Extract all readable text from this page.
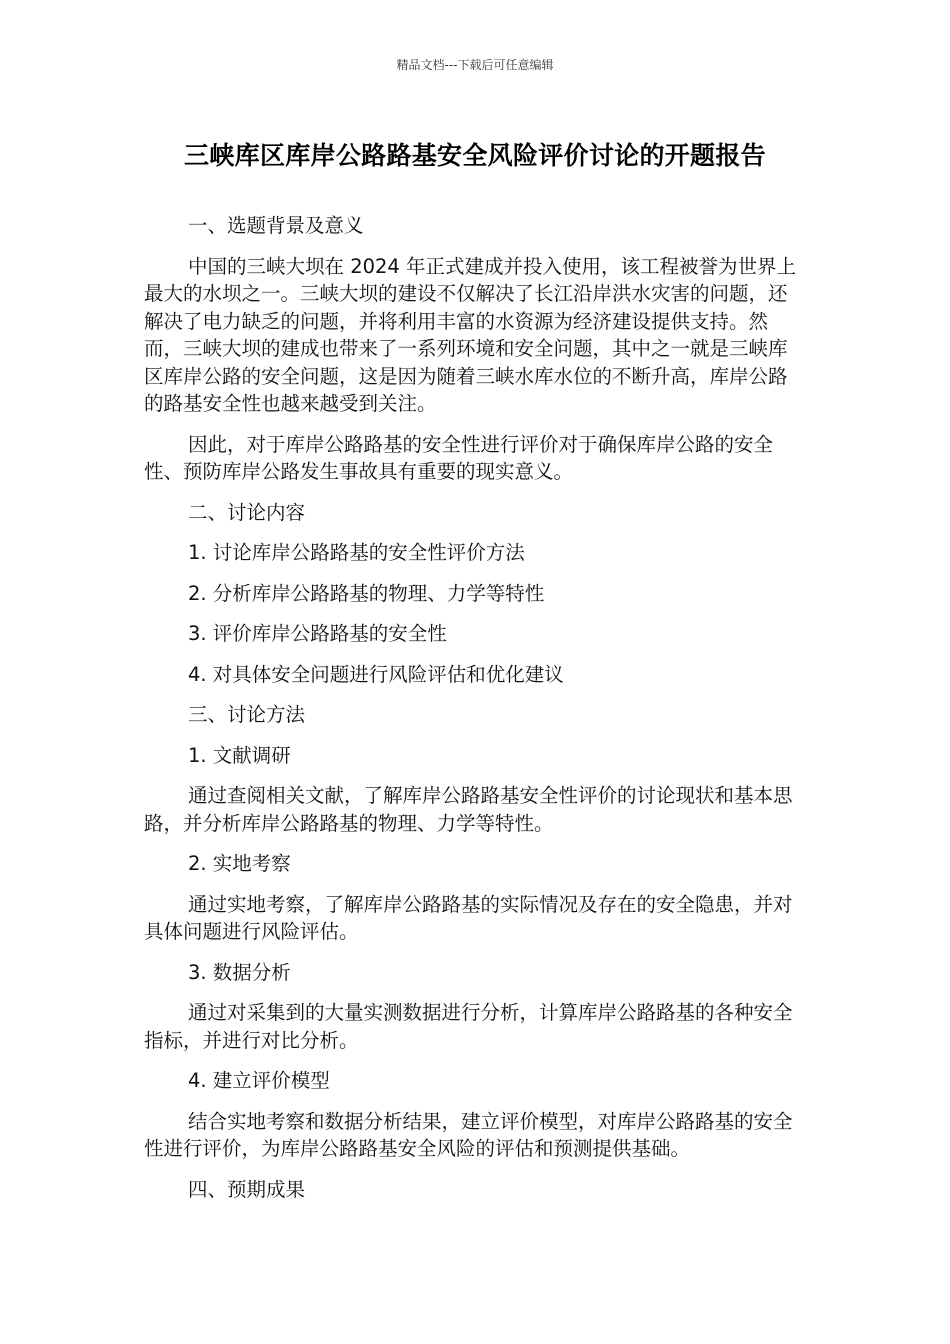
精品文档---下载后可任意编辑
三峡库区库岸公路路基安全风险评价讨论的开题报告

一、选题背景及意义

中国的三峡大坝在 2024 年正式建成并投入使用，该工程被誉为世界上最大的水坝之一。三峡大坝的建设不仅解决了长江沿岸洪水灾害的问题，还解决了电力缺乏的问题，并将利用丰富的水资源为经济建设提供支持。然而，三峡大坝的建成也带来了一系列环境和安全问题，其中之一就是三峡库区库岸公路的安全问题，这是因为随着三峡水库水位的不断升高，库岸公路的路基安全性也越来越受到关注。

因此，对于库岸公路路基的安全性进行评价对于确保库岸公路的安全性、预防库岸公路发生事故具有重要的现实意义。

二、讨论内容

1. 讨论库岸公路路基的安全性评价方法

2. 分析库岸公路路基的物理、力学等特性

3. 评价库岸公路路基的安全性

4. 对具体安全问题进行风险评估和优化建议

三、讨论方法

1. 文献调研

通过查阅相关文献，了解库岸公路路基安全性评价的讨论现状和基本思路，并分析库岸公路路基的物理、力学等特性。

2. 实地考察

通过实地考察，了解库岸公路路基的实际情况及存在的安全隐患，并对具体问题进行风险评估。

3. 数据分析

通过对采集到的大量实测数据进行分析，计算库岸公路路基的各种安全指标，并进行对比分析。

4. 建立评价模型

结合实地考察和数据分析结果，建立评价模型，对库岸公路路基的安全性进行评价，为库岸公路路基安全风险的评估和预测提供基础。

四、预期成果
